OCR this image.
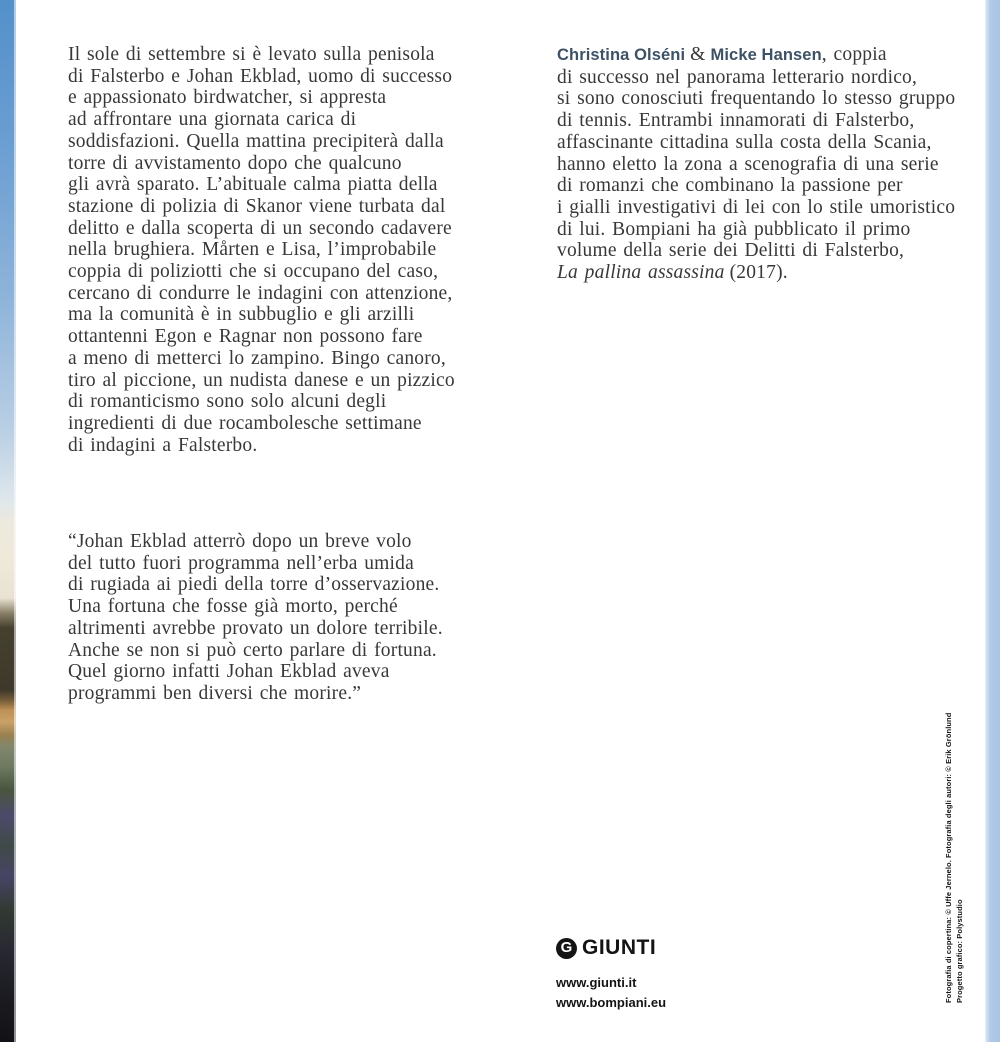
Il sole di settembre si è levato sulla penisola
di Falsterbo e Johan Ekblad, uomo di successo
e appassionato birdwatcher, si appresta
ad affrontare una giornata carica di
soddisfazioni. Quella mattina precipiterà dalla
torre di avvistamento dopo che qualcuno
gli avrà sparato. L’abituale calma piatta della
stazione di polizia di Skanor viene turbata dal
delitto e dalla scoperta di un secondo cadavere
nella brughiera. Mårten e Lisa, l’improbabile
coppia di poliziotti che si occupano del caso,
cercano di condurre le indagini con attenzione,
ma la comunità è in subbuglio e gli arzilli
ottantenni Egon e Ragnar non possono fare
a meno di metterci lo zampino. Bingo canoro,
tiro al piccione, un nudista danese e un pizzico
di romanticismo sono solo alcuni degli
ingredienti di due rocambolesche settimane
di indagini a Falsterbo.
“Johan Ekblad atterrò dopo un breve volo
del tutto fuori programma nell’erba umida
di rugiada ai piedi della torre d’osservazione.
Una fortuna che fosse già morto, perché
altrimenti avrebbe provato un dolore terribile.
Anche se non si può certo parlare di fortuna.
Quel giorno infatti Johan Ekblad aveva
programmi ben diversi che morire.”
Christina Olséni & Micke Hansen, coppia
di successo nel panorama letterario nordico,
si sono conosciuti frequentando lo stesso gruppo
di tennis. Entrambi innamorati di Falsterbo,
affascinante cittadina sulla costa della Scania,
hanno eletto la zona a scenografia di una serie
di romanzi che combinano la passione per
i gialli investigativi di lei con lo stile umoristico
di lui. Bompiani ha già pubblicato il primo
volume della serie dei Delitti di Falsterbo,
La pallina assassina (2017).
G GIUNTI
www.giunti.it
www.bompiani.eu	Fotografia di copertina: © Uffe Jernelo. Fotografia degli autori: © Erik Grönlund Progetto grafico: Polystudio
